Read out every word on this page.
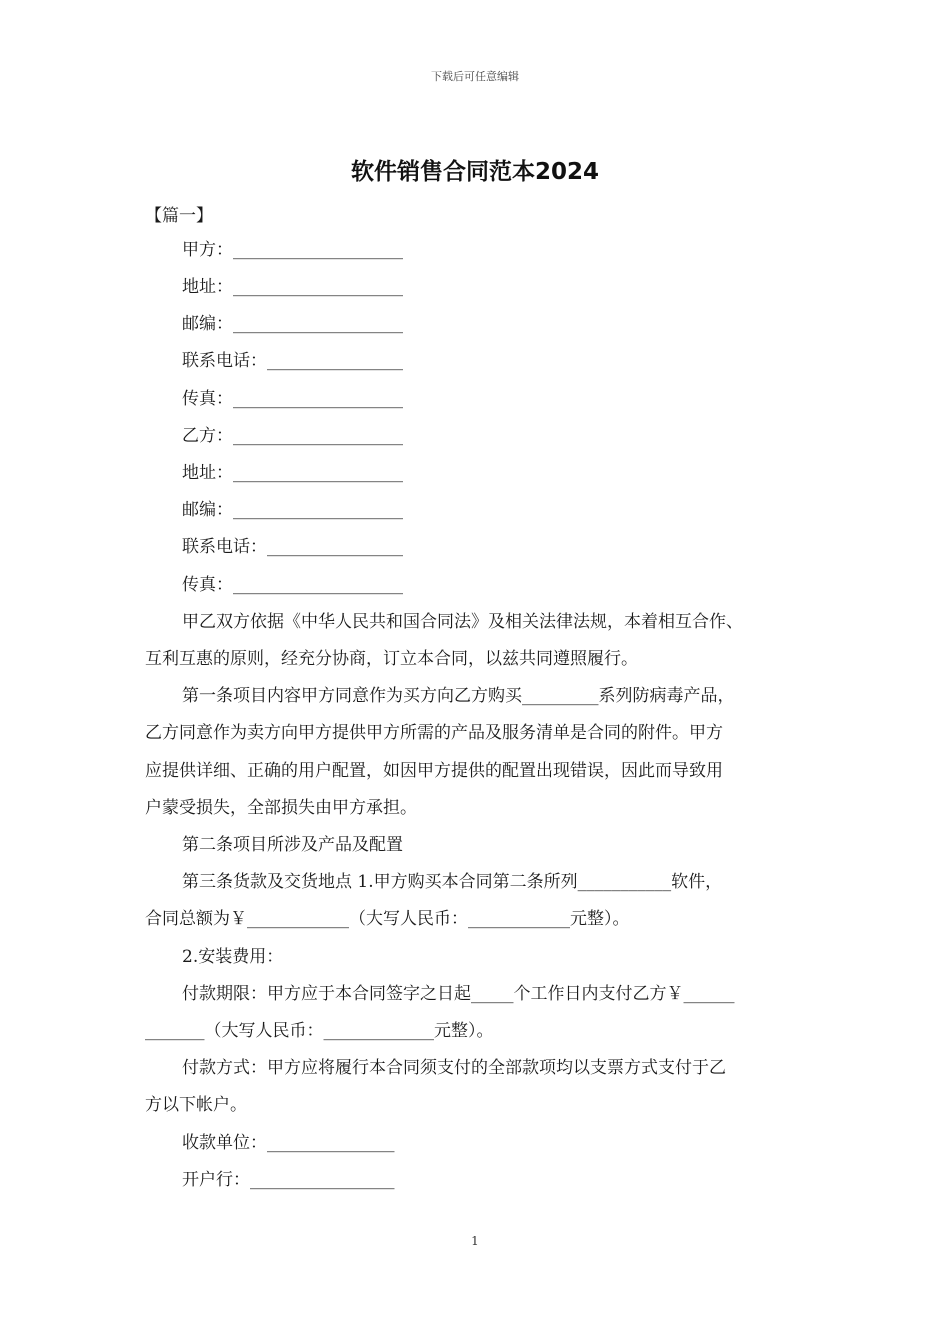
下载后可任意编辑
软件销售合同范本2024
【篇一】
甲方：____________________
地址：____________________
邮编：____________________
联系电话：________________
传真：____________________
乙方：____________________
地址：____________________
邮编：____________________
联系电话：________________
传真：____________________
甲乙双方依据《中华人民共和国合同法》及相关法律法规，本着相互合作、
互利互惠的原则，经充分协商，订立本合同，以兹共同遵照履行。
第一条项目内容甲方同意作为买方向乙方购买_________系列防病毒产品，
乙方同意作为卖方向甲方提供甲方所需的产品及服务清单是合同的附件。甲方
应提供详细、正确的用户配置，如因甲方提供的配置出现错误，因此而导致用
户蒙受损失，全部损失由甲方承担。
第二条项目所涉及产品及配置
第三条货款及交货地点 1.甲方购买本合同第二条所列___________软件，
合同总额为￥____________（大写人民币：____________元整）。
2.安装费用：
付款期限：甲方应于本合同签字之日起_____个工作日内支付乙方￥______
_______（大写人民币：_____________元整）。
付款方式：甲方应将履行本合同须支付的全部款项均以支票方式支付于乙
方以下帐户。
收款单位：_______________
开户行：_________________
1
